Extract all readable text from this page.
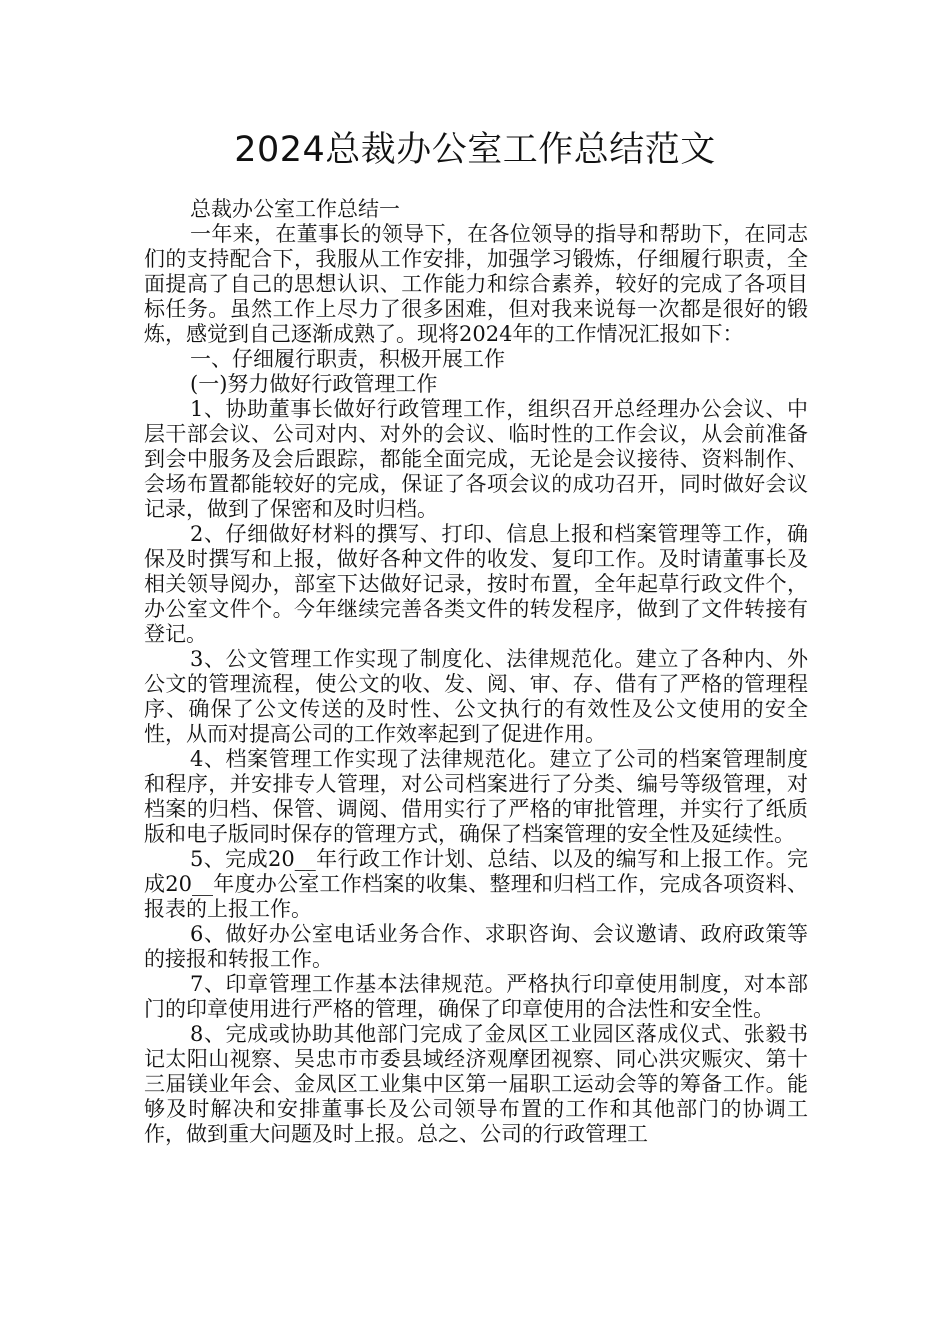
2024总裁办公室工作总结范文

总裁办公室工作总结一

一年来，在董事长的领导下，在各位领导的指导和帮助下，在同志们的支持配合下，我服从工作安排，加强学习锻炼，仔细履行职责，全面提高了自己的思想认识、工作能力和综合素养，较好的完成了各项目标任务。虽然工作上尽力了很多困难，但对我来说每一次都是很好的锻炼，感觉到自己逐渐成熟了。现将2024年的工作情况汇报如下：

一、仔细履行职责，积极开展工作

(一)努力做好行政管理工作

1、协助董事长做好行政管理工作，组织召开总经理办公会议、中层干部会议、公司对内、对外的会议、临时性的工作会议，从会前准备到会中服务及会后跟踪，都能全面完成，无论是会议接待、资料制作、会场布置都能较好的完成，保证了各项会议的成功召开，同时做好会议记录，做到了保密和及时归档。

2、仔细做好材料的撰写、打印、信息上报和档案管理等工作，确保及时撰写和上报，做好各种文件的收发、复印工作。及时请董事长及相关领导阅办，部室下达做好记录，按时布置，全年起草行政文件个，办公室文件个。今年继续完善各类文件的转发程序，做到了文件转接有登记。

3、公文管理工作实现了制度化、法律规范化。建立了各种内、外公文的管理流程，使公文的收、发、阅、审、存、借有了严格的管理程序、确保了公文传送的及时性、公文执行的有效性及公文使用的安全性，从而对提高公司的工作效率起到了促进作用。

4、档案管理工作实现了法律规范化。建立了公司的档案管理制度和程序，并安排专人管理，对公司档案进行了分类、编号等级管理，对档案的归档、保管、调阅、借用实行了严格的审批管理，并实行了纸质版和电子版同时保存的管理方式，确保了档案管理的安全性及延续性。

5、完成20__年行政工作计划、总结、以及的编写和上报工作。完成20__年度办公室工作档案的收集、整理和归档工作，完成各项资料、报表的上报工作。

6、做好办公室电话业务合作、求职咨询、会议邀请、政府政策等的接报和转报工作。

7、印章管理工作基本法律规范。严格执行印章使用制度，对本部门的印章使用进行严格的管理，确保了印章使用的合法性和安全性。

8、完成或协助其他部门完成了金凤区工业园区落成仪式、张毅书记太阳山视察、吴忠市市委县域经济观摩团视察、同心洪灾赈灾、第十三届镁业年会、金凤区工业集中区第一届职工运动会等的筹备工作。能够及时解决和安排董事长及公司领导布置的工作和其他部门的协调工作，做到重大问题及时上报。总之、公司的行政管理工
